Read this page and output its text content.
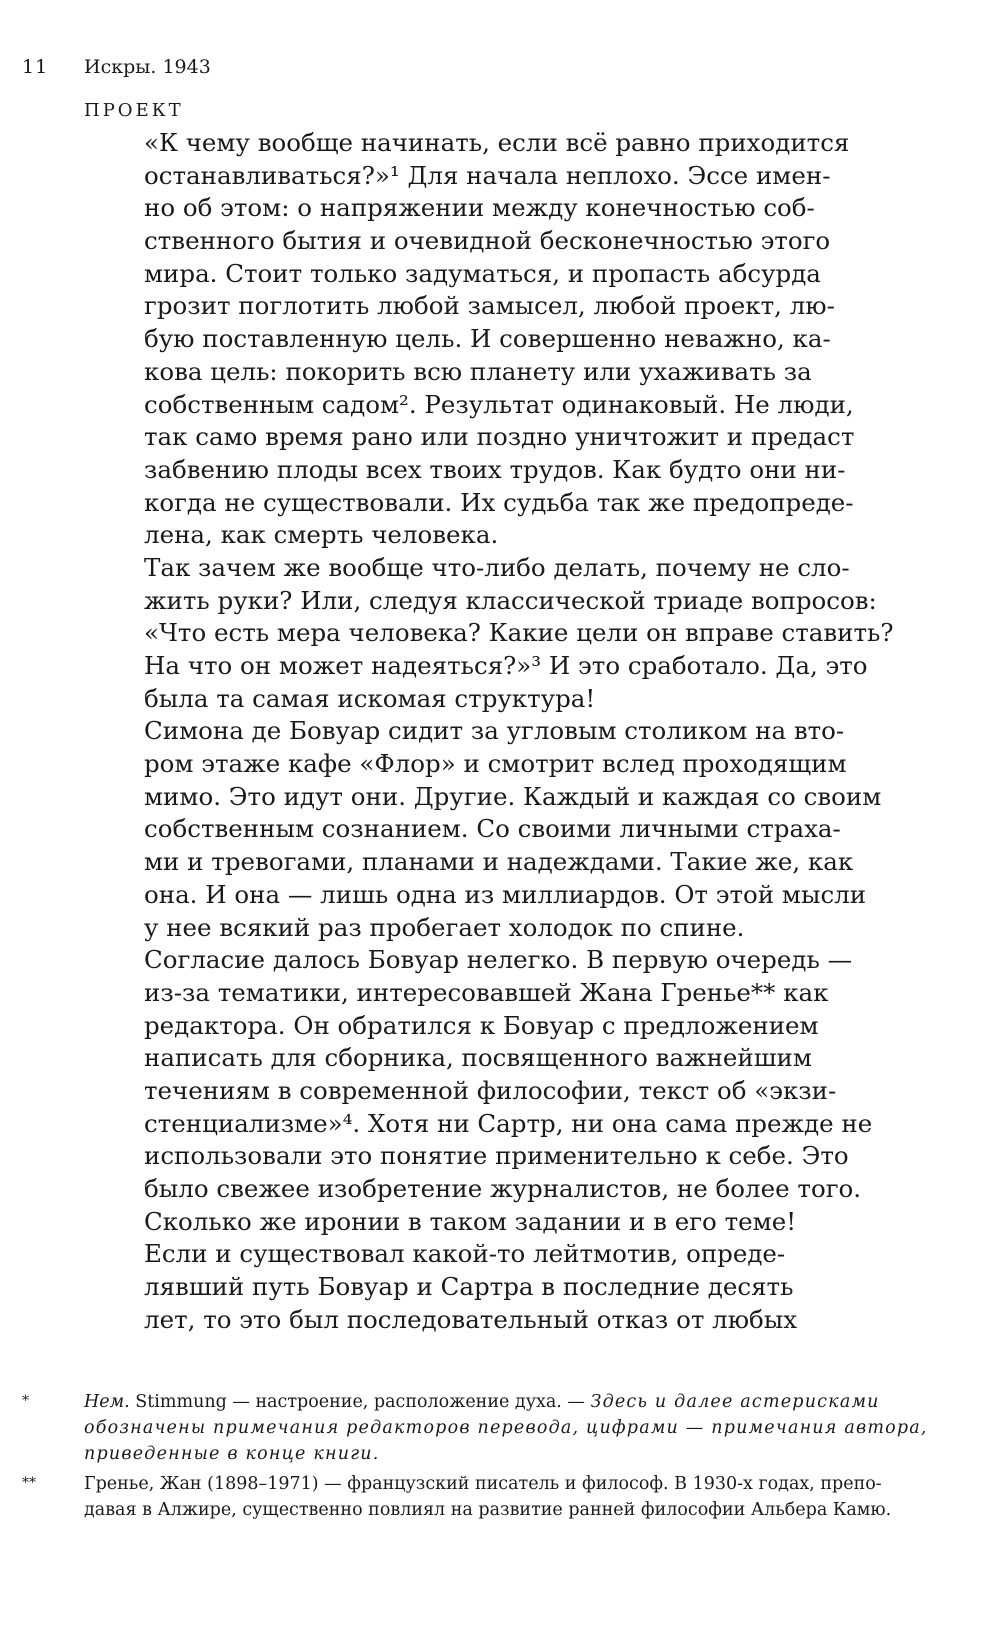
11 Искры. 1943
ПРОЕКТ
«К чему вообще начинать, если всё равно приходится
останавливаться?»¹ Для начала неплохо. Эссе имен-
но об этом: о напряжении между конечностью соб-
ственного бытия и очевидной бесконечностью этого
мира. Стоит только задуматься, и пропасть абсурда
грозит поглотить любой замысел, любой проект, лю-
бую поставленную цель. И совершенно неважно, ка-
кова цель: покорить всю планету или ухаживать за
собственным садом². Результат одинаковый. Не люди,
так само время рано или поздно уничтожит и предаст
забвению плоды всех твоих трудов. Как будто они ни-
когда не существовали. Их судьба так же предопреде-
лена, как смерть человека.
Так зачем же вообще что-либо делать, почему не сло-
жить руки? Или, следуя классической триаде вопросов:
«Что есть мера человека? Какие цели он вправе ставить?
На что он может надеяться?»³ И это сработало. Да, это
была та самая искомая структура!
Симона де Бовуар сидит за угловым столиком на вто-
ром этаже кафе «Флор» и смотрит вслед проходящим
мимо. Это идут они. Другие. Каждый и каждая со своим
собственным сознанием. Со своими личными страха-
ми и тревогами, планами и надеждами. Такие же, как
она. И она — лишь одна из миллиардов. От этой мысли
у нее всякий раз пробегает холодок по спине.
Согласие далось Бовуар нелегко. В первую очередь —
из-за тематики, интересовавшей Жана Гренье** как
редактора. Он обратился к Бовуар с предложением
написать для сборника, посвященного важнейшим
течениям в современной философии, текст об «экзи-
стенциализме»⁴. Хотя ни Сартр, ни она сама прежде не
использовали это понятие применительно к себе. Это
было свежее изобретение журналистов, не более того.
Сколько же иронии в таком задании и в его теме!
Если и существовал какой-то лейтмотив, опреде-
лявший путь Бовуар и Сартра в последние десять
лет, то это был последовательный отказ от любых
*	Нем. Stimmung — настроение, расположение духа. — Здесь и далее астерисками
обозначены примечания редакторов перевода, цифрами — примечания автора,
приведенные в конце книги.
**	Гренье, Жан (1898–1971) — французский писатель и философ. В 1930-х годах, препо-
давая в Алжире, существенно повлиял на развитие ранней философии Альбера Камю.
